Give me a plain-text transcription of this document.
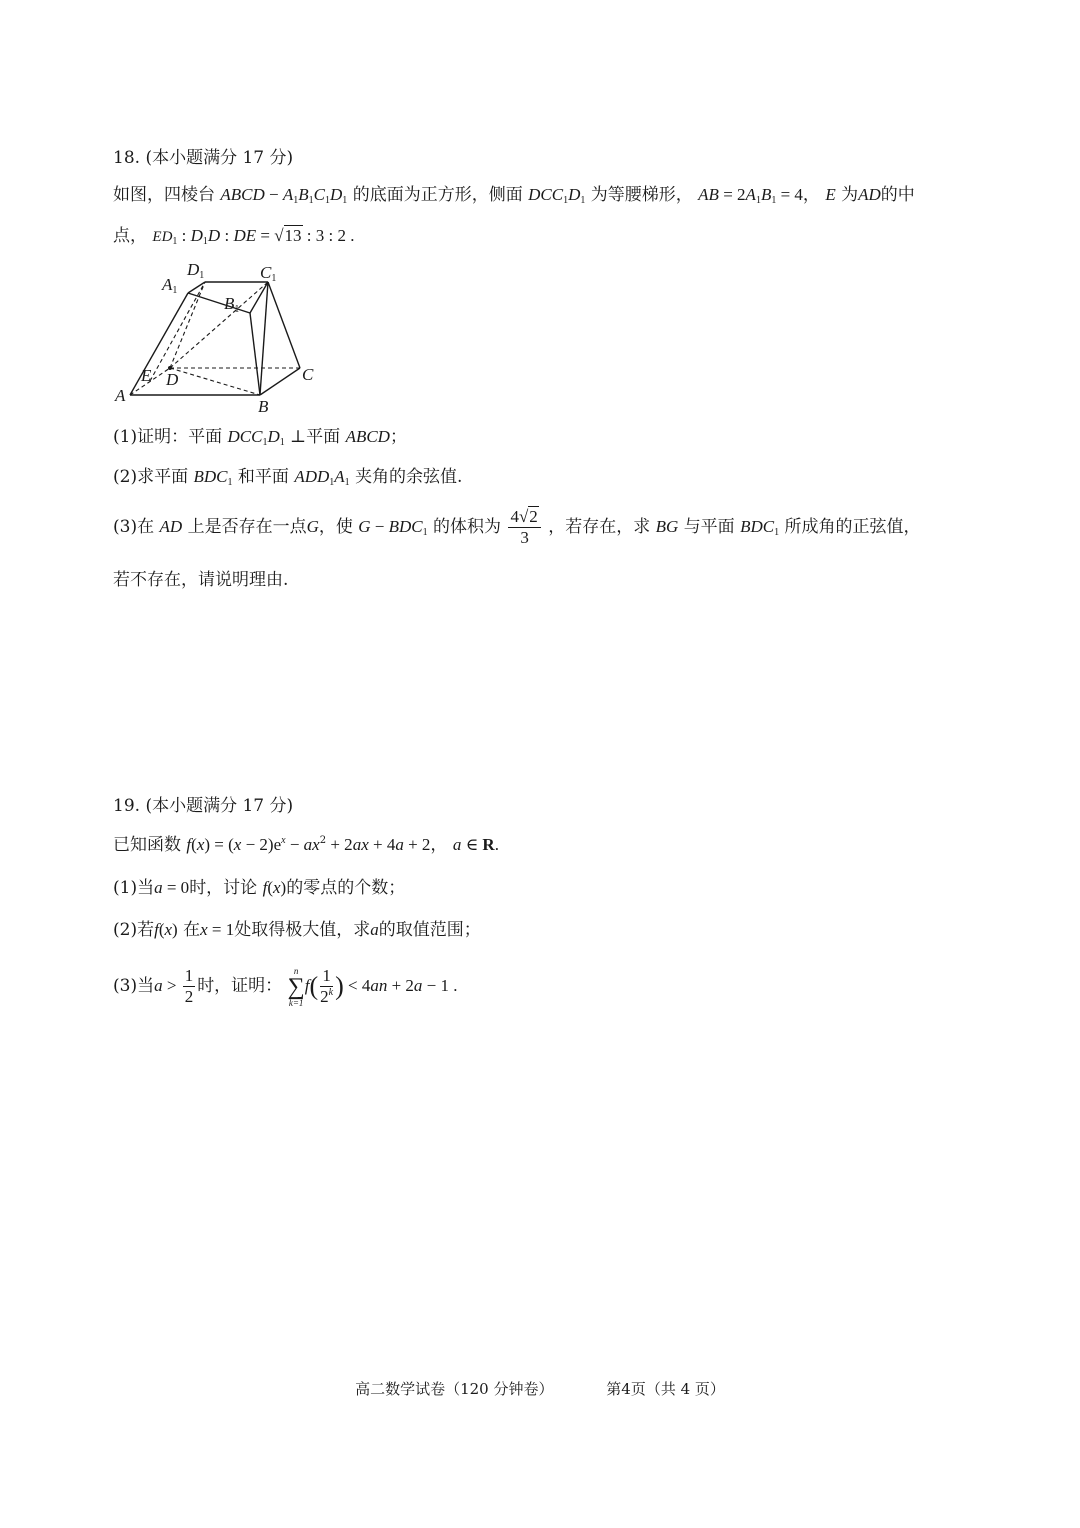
18. (本小题满分 17 分)
如图，四棱台 ABCD − $A_1B_1C_1D_1$ 的底面为正方形，侧面 $DCC_1D_1$ 为等腰梯形， AB = $2A_1B_1 = 4$， E 为AD的中
点， $ED_1$ : $D_1D$ : DE = √13 : 3 : 2 .
A
B
C
D
E
A1
B1
C1
D1
(1)证明：平面 $DCC_1D_1$ ⊥平面 ABCD；
(2)求平面 $BDC_1$ 和平面 $ADD_1A_1$ 夹角的余弦值.
(3)在 AD 上是否存在一点G，使 $G - BDC_1$ 的体积为 $\frac{4√2}{3}$ ，若存在，求 BG 与平面 $BDC_1$ 所成角的正弦值，
若不存在，请说明理由.
19. (本小题满分 17 分)
已知函数 $f(x) = (x - 2)e^x - ax^2 + 2ax + 4a + 2$， a ∈ R.
(1)当a = 0时，讨论 f(x)的零点的个数；
(2)若f(x) 在x = 1处取得极大值，求a的取值范围；
(3)当$a > \frac{1}{2}$ 时，证明：
n
∑
k=1
$f( \frac{1}{2^k}$ ) < 4an + 2a − 1 .
高二数学试卷（120 分钟卷）	第4页（共 4 页）
